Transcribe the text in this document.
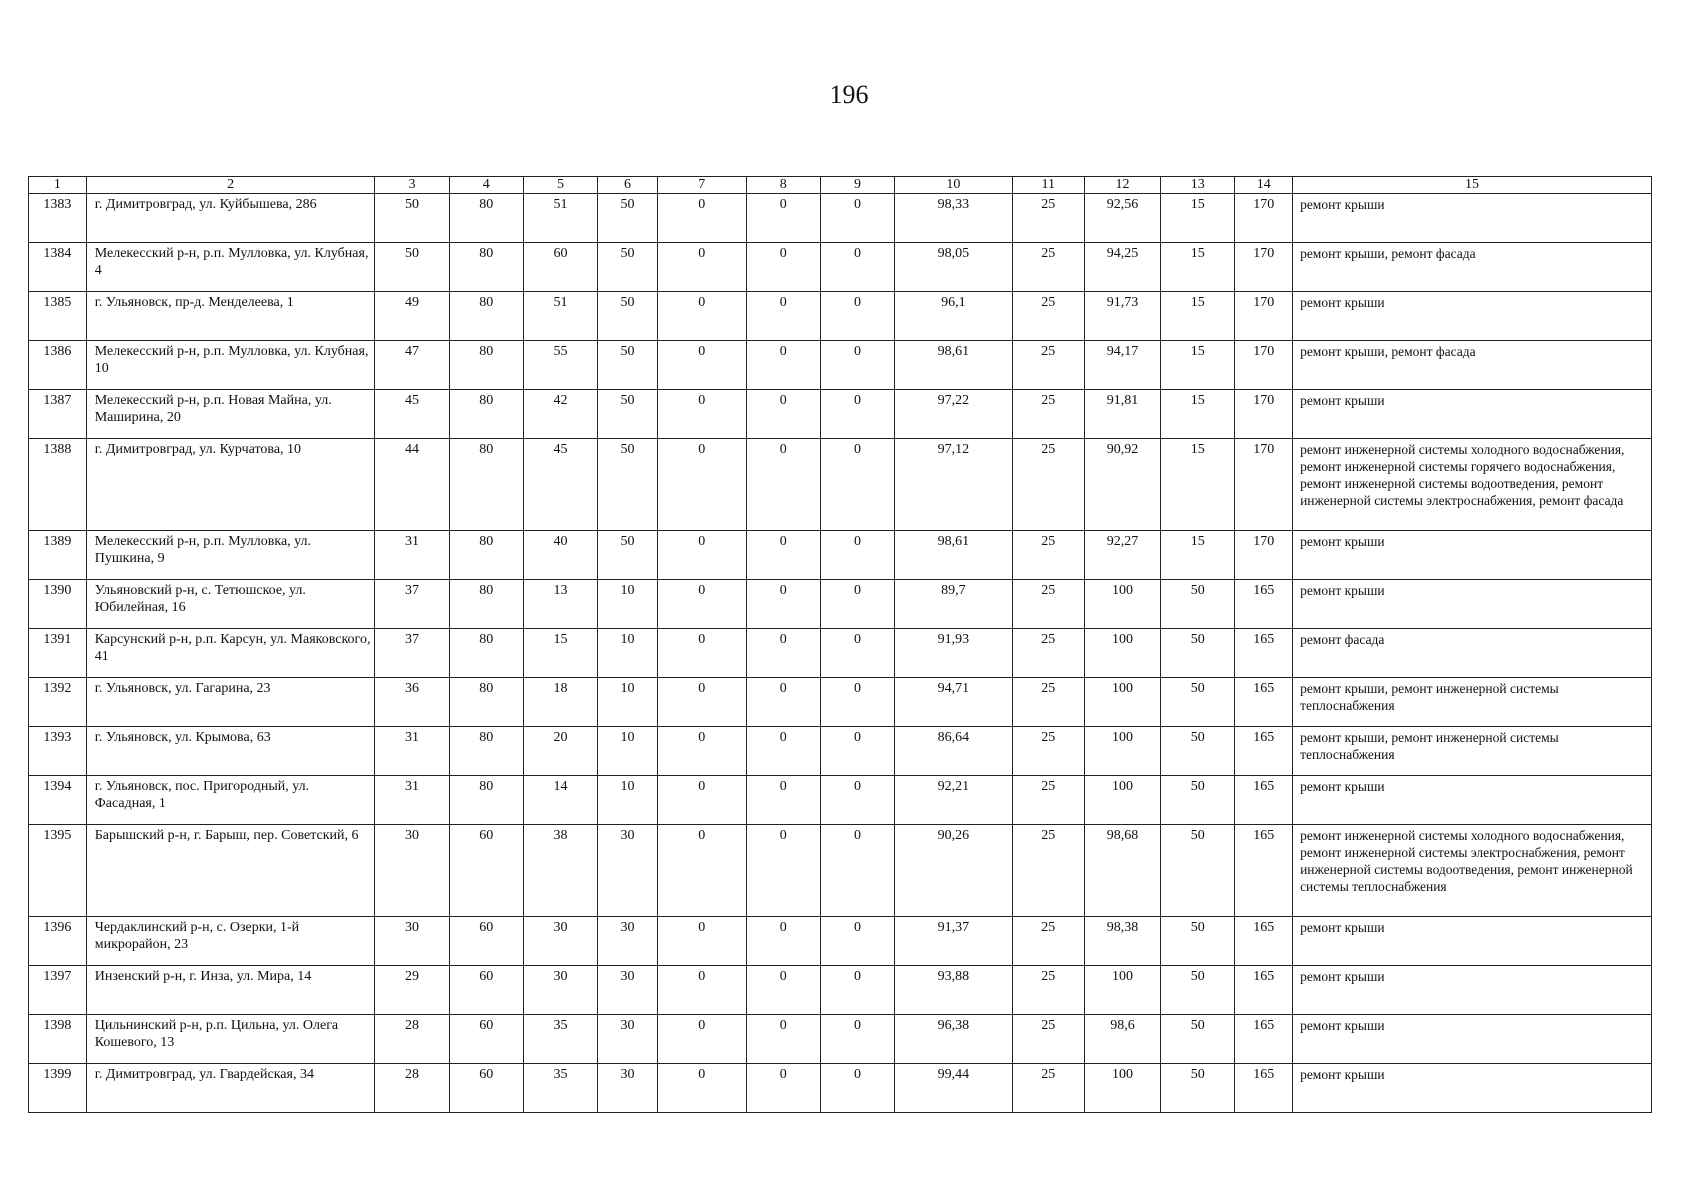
196
1	2	3	4	5	6	7	8	9	10	11	12	13	14	15
1383	г. Димитровград, ул. Куйбышева, 286	50	80	51	50	0	0	0	98,33	25	92,56	15	170	ремонт крыши
1384	Мелекесский р-н, р.п. Мулловка, ул. Клубная, 4	50	80	60	50	0	0	0	98,05	25	94,25	15	170	ремонт крыши, ремонт фасада
1385	г. Ульяновск, пр-д. Менделеева, 1	49	80	51	50	0	0	0	96,1	25	91,73	15	170	ремонт крыши
1386	Мелекесский р-н, р.п. Мулловка, ул. Клубная, 10	47	80	55	50	0	0	0	98,61	25	94,17	15	170	ремонт крыши, ремонт фасада
1387	Мелекесский р-н, р.п. Новая Майна, ул. Маширина, 20	45	80	42	50	0	0	0	97,22	25	91,81	15	170	ремонт крыши
1388	г. Димитровград, ул. Курчатова, 10	44	80	45	50	0	0	0	97,12	25	90,92	15	170	ремонт инженерной системы холодного водоснабжения, ремонт инженерной системы горячего водоснабжения, ремонт инженерной системы водоотведения, ремонт инженерной системы электроснабжения, ремонт фасада
1389	Мелекесский р-н, р.п. Мулловка, ул. Пушкина, 9	31	80	40	50	0	0	0	98,61	25	92,27	15	170	ремонт крыши
1390	Ульяновский р-н, с. Тетюшское, ул. Юбилейная, 16	37	80	13	10	0	0	0	89,7	25	100	50	165	ремонт крыши
1391	Карсунский р-н, р.п. Карсун, ул. Маяковского, 41	37	80	15	10	0	0	0	91,93	25	100	50	165	ремонт фасада
1392	г. Ульяновск, ул. Гагарина, 23	36	80	18	10	0	0	0	94,71	25	100	50	165	ремонт крыши, ремонт инженерной системы теплоснабжения
1393	г. Ульяновск, ул. Крымова, 63	31	80	20	10	0	0	0	86,64	25	100	50	165	ремонт крыши, ремонт инженерной системы теплоснабжения
1394	г. Ульяновск, пос. Пригородный, ул. Фасадная, 1	31	80	14	10	0	0	0	92,21	25	100	50	165	ремонт крыши
1395	Барышский р-н, г. Барыш, пер. Советский, 6	30	60	38	30	0	0	0	90,26	25	98,68	50	165	ремонт инженерной системы холодного водоснабжения, ремонт инженерной системы электроснабжения, ремонт инженерной системы водоотведения, ремонт инженерной системы теплоснабжения
1396	Чердаклинский р-н, с. Озерки, 1-й микрорайон, 23	30	60	30	30	0	0	0	91,37	25	98,38	50	165	ремонт крыши
1397	Инзенский р-н, г. Инза, ул. Мира, 14	29	60	30	30	0	0	0	93,88	25	100	50	165	ремонт крыши
1398	Цильнинский р-н, р.п. Цильна, ул. Олега Кошевого, 13	28	60	35	30	0	0	0	96,38	25	98,6	50	165	ремонт крыши
1399	г. Димитровград, ул. Гвардейская, 34	28	60	35	30	0	0	0	99,44	25	100	50	165	ремонт крыши
